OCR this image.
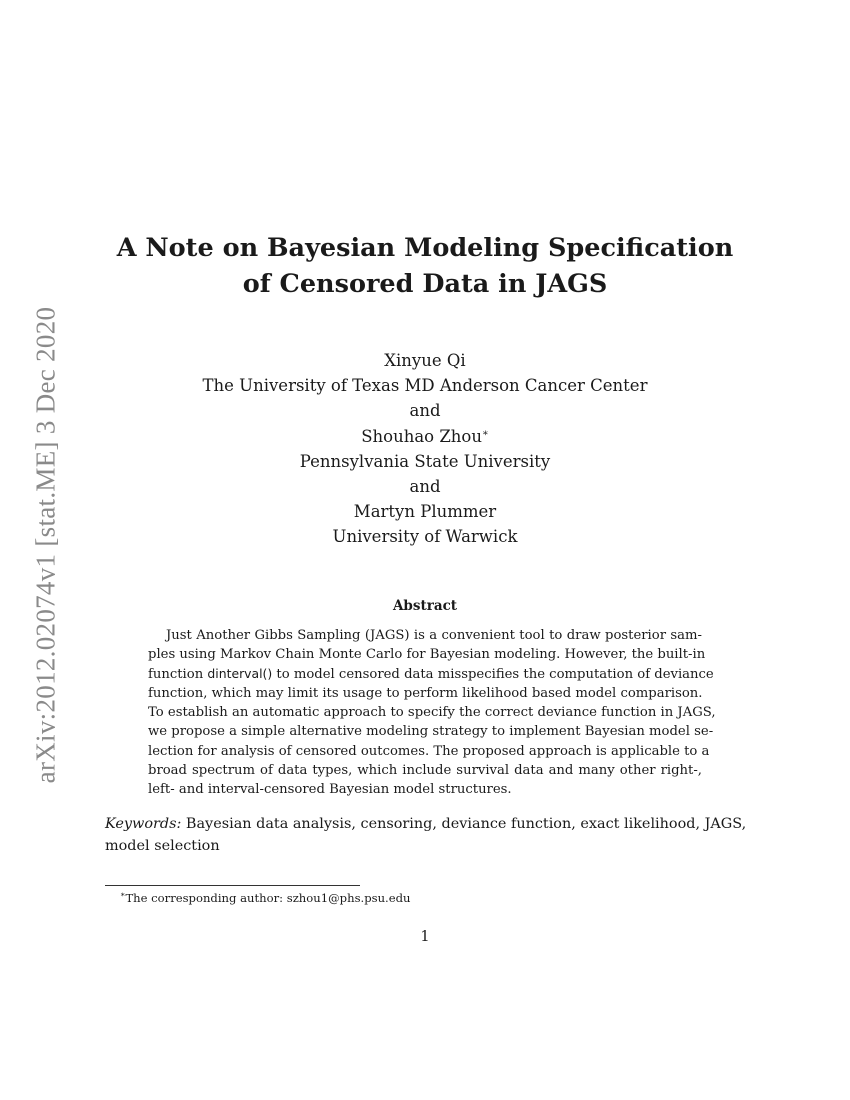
arXiv:2012.02074v1 [stat.ME] 3 Dec 2020
A Note on Bayesian Modeling Specification
of Censored Data in JAGS
Xinyue Qi
The University of Texas MD Anderson Cancer Center
and
Shouhao Zhou∗
Pennsylvania State University
and
Martyn Plummer
University of Warwick
Abstract
Just Another Gibbs Sampling (JAGS) is a convenient tool to draw posterior sam-
ples using Markov Chain Monte Carlo for Bayesian modeling. However, the built-in
function dinterval() to model censored data misspecifies the computation of deviance
function, which may limit its usage to perform likelihood based model comparison.
To establish an automatic approach to specify the correct deviance function in JAGS,
we propose a simple alternative modeling strategy to implement Bayesian model se-
lection for analysis of censored outcomes. The proposed approach is applicable to a
broad spectrum of data types, which include survival data and many other right-,
left- and interval-censored Bayesian model structures.
Keywords: Bayesian data analysis, censoring, deviance function, exact likelihood, JAGS,
model selection
∗The corresponding author: szhou1@phs.psu.edu
1
